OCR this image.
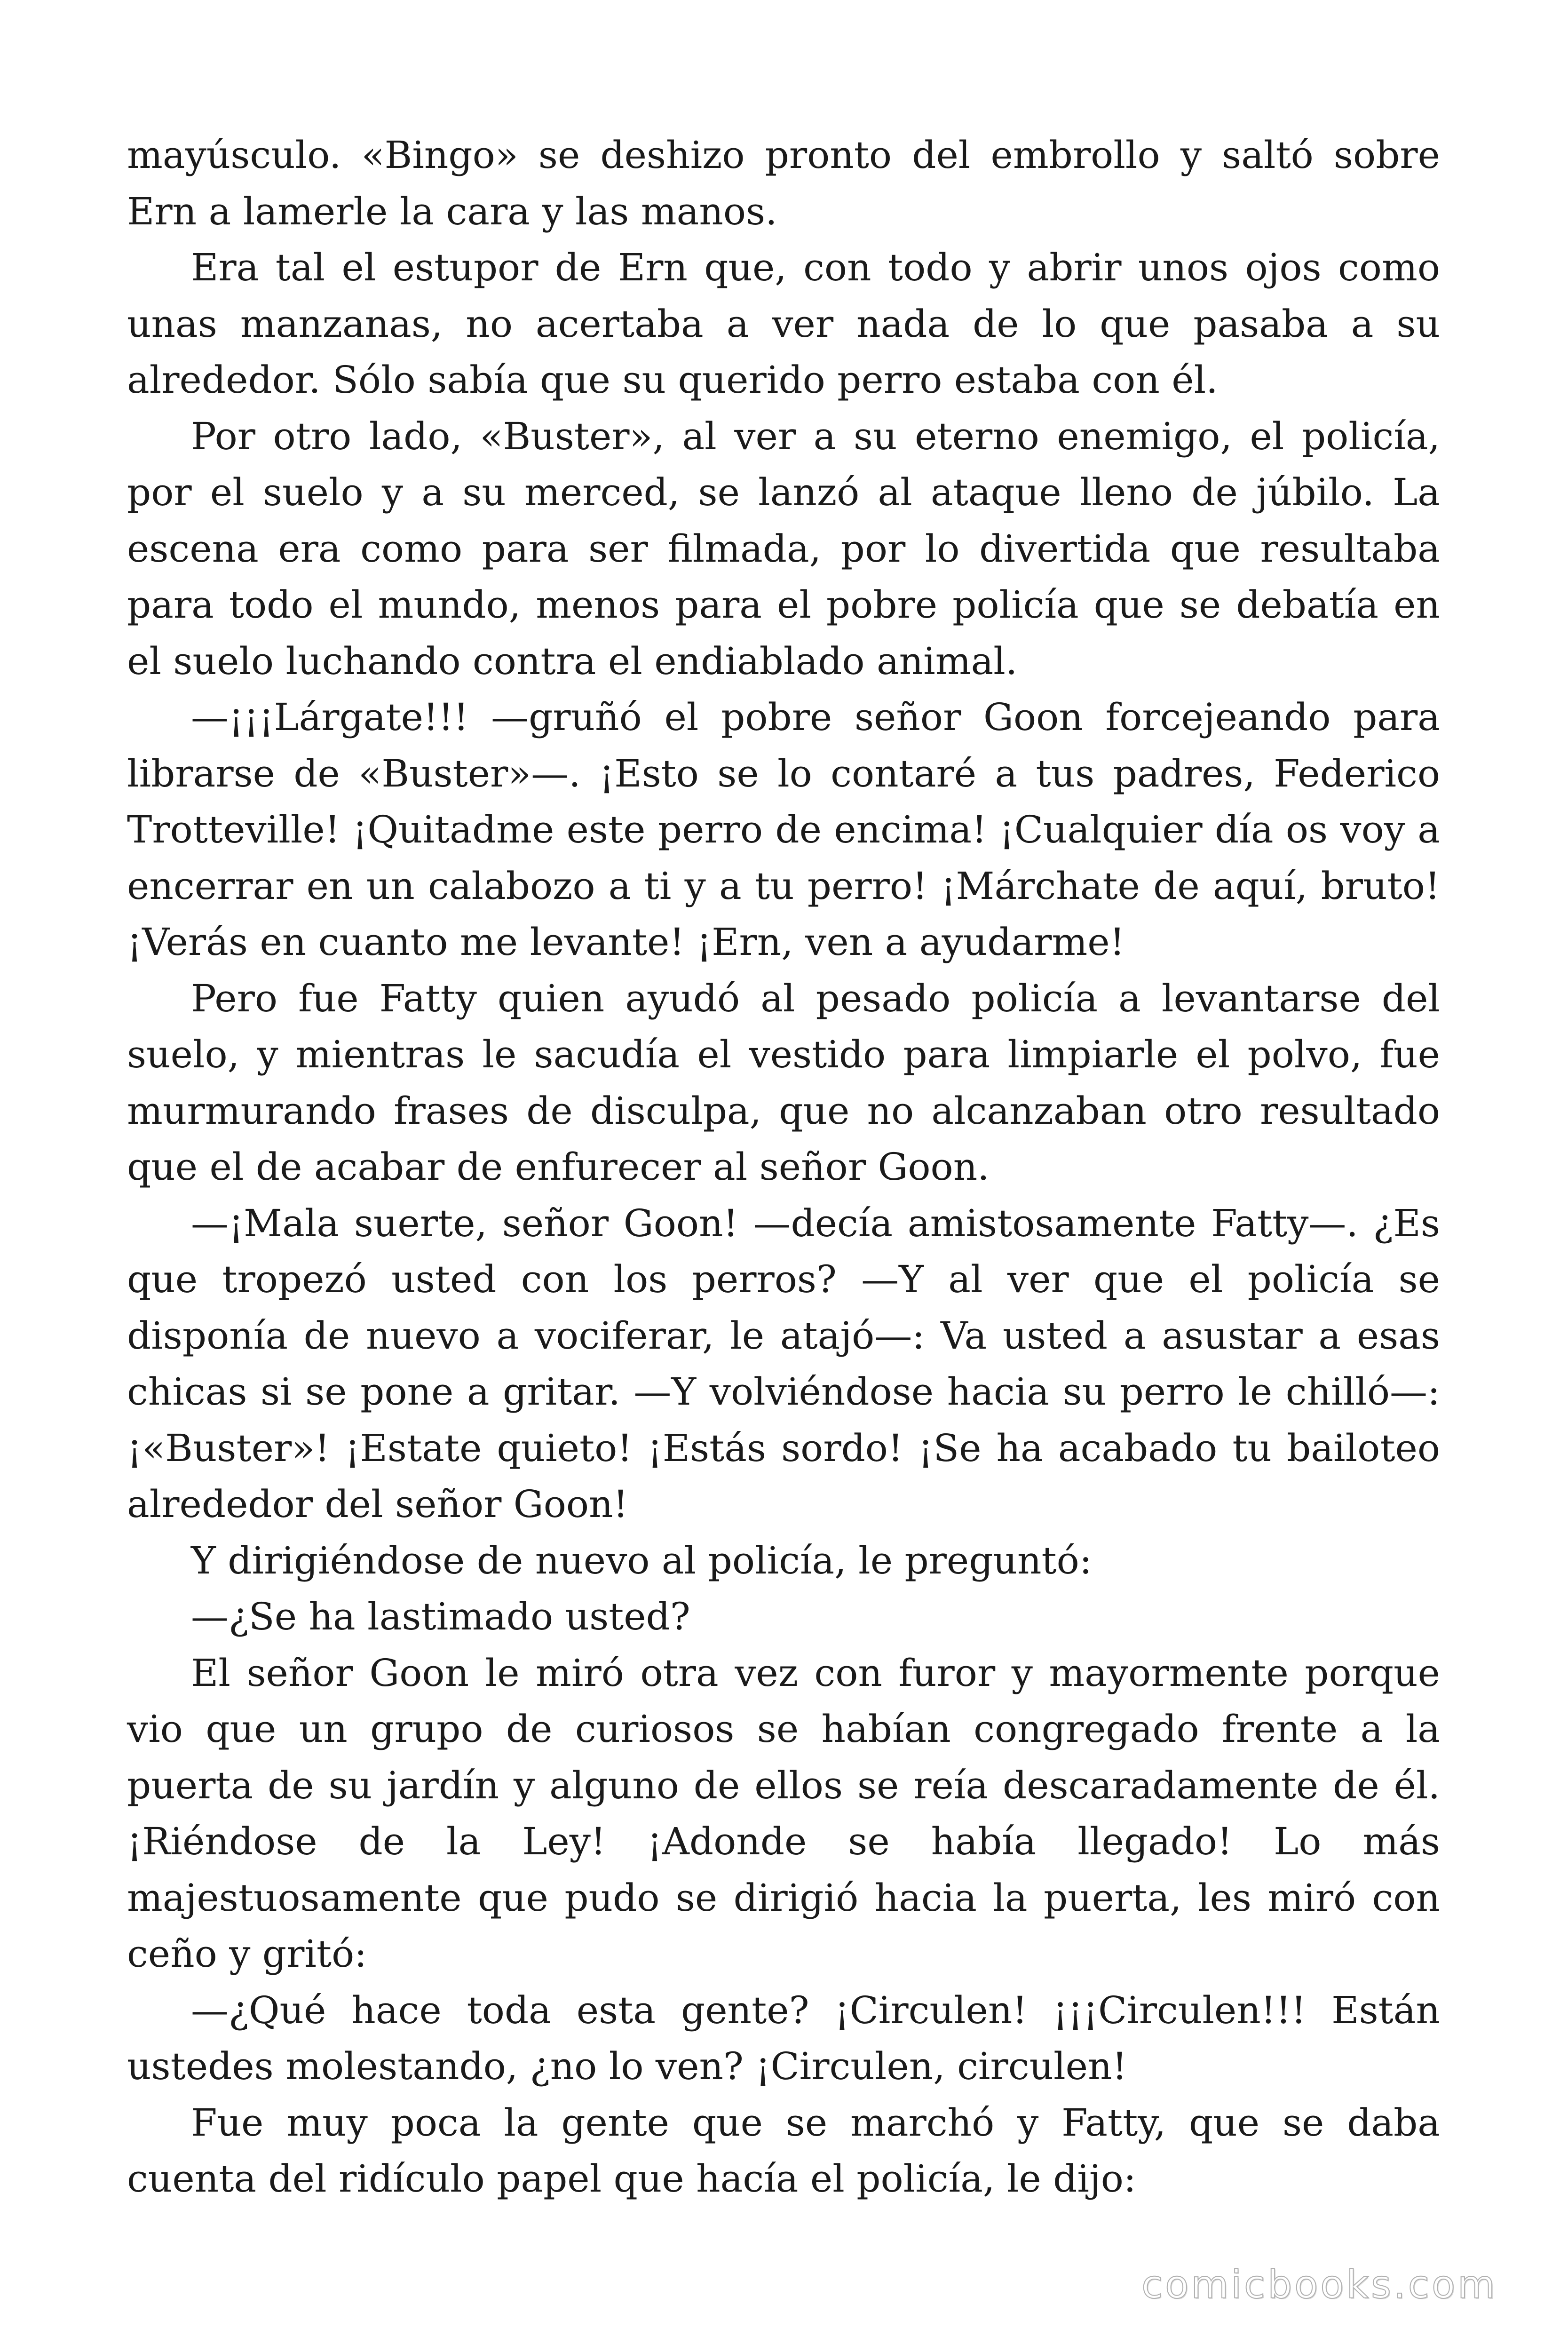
mayúsculo. «Bingo» se deshizo pronto del embrollo y saltó sobre Ern a lamerle la cara y las manos.

Era tal el estupor de Ern que, con todo y abrir unos ojos como unas manzanas, no acertaba a ver nada de lo que pasaba a su alrededor. Sólo sabía que su querido perro estaba con él.

Por otro lado, «Buster», al ver a su eterno enemigo, el policía, por el suelo y a su merced, se lanzó al ataque lleno de júbilo. La escena era como para ser filmada, por lo divertida que resultaba para todo el mundo, menos para el pobre policía que se debatía en el suelo luchando contra el endiablado animal.

—¡¡¡Lárgate!!! —gruñó el pobre señor Goon forcejeando para librarse de «Buster»—. ¡Esto se lo contaré a tus padres, Federico Trotteville! ¡Quitadme este perro de encima! ¡Cualquier día os voy a encerrar en un calabozo a ti y a tu perro! ¡Márchate de aquí, bruto! ¡Verás en cuanto me levante! ¡Ern, ven a ayudarme!

Pero fue Fatty quien ayudó al pesado policía a levantarse del suelo, y mientras le sacudía el vestido para limpiarle el polvo, fue murmurando frases de disculpa, que no alcanzaban otro resultado que el de acabar de enfurecer al señor Goon.

—¡Mala suerte, señor Goon! —decía amistosamente Fatty—. ¿Es que tropezó usted con los perros? —Y al ver que el policía se disponía de nuevo a vociferar, le atajó—: Va usted a asustar a esas chicas si se pone a gritar. —Y volviéndose hacia su perro le chilló—: ¡«Buster»! ¡Estate quieto! ¡Estás sordo! ¡Se ha acabado tu bailoteo alrededor del señor Goon!

Y dirigiéndose de nuevo al policía, le preguntó:

—¿Se ha lastimado usted?

El señor Goon le miró otra vez con furor y mayormente porque vio que un grupo de curiosos se habían congregado frente a la puerta de su jardín y alguno de ellos se reía descaradamente de él. ¡Riéndose de la Ley! ¡Adonde se había llegado! Lo más majestuosamente que pudo se dirigió hacia la puerta, les miró con ceño y gritó:

—¿Qué hace toda esta gente? ¡Circulen! ¡¡¡Circulen!!! Están ustedes molestando, ¿no lo ven? ¡Circulen, circulen!

Fue muy poca la gente que se marchó y Fatty, que se daba cuenta del ridículo papel que hacía el policía, le dijo:

comicbooks.com
